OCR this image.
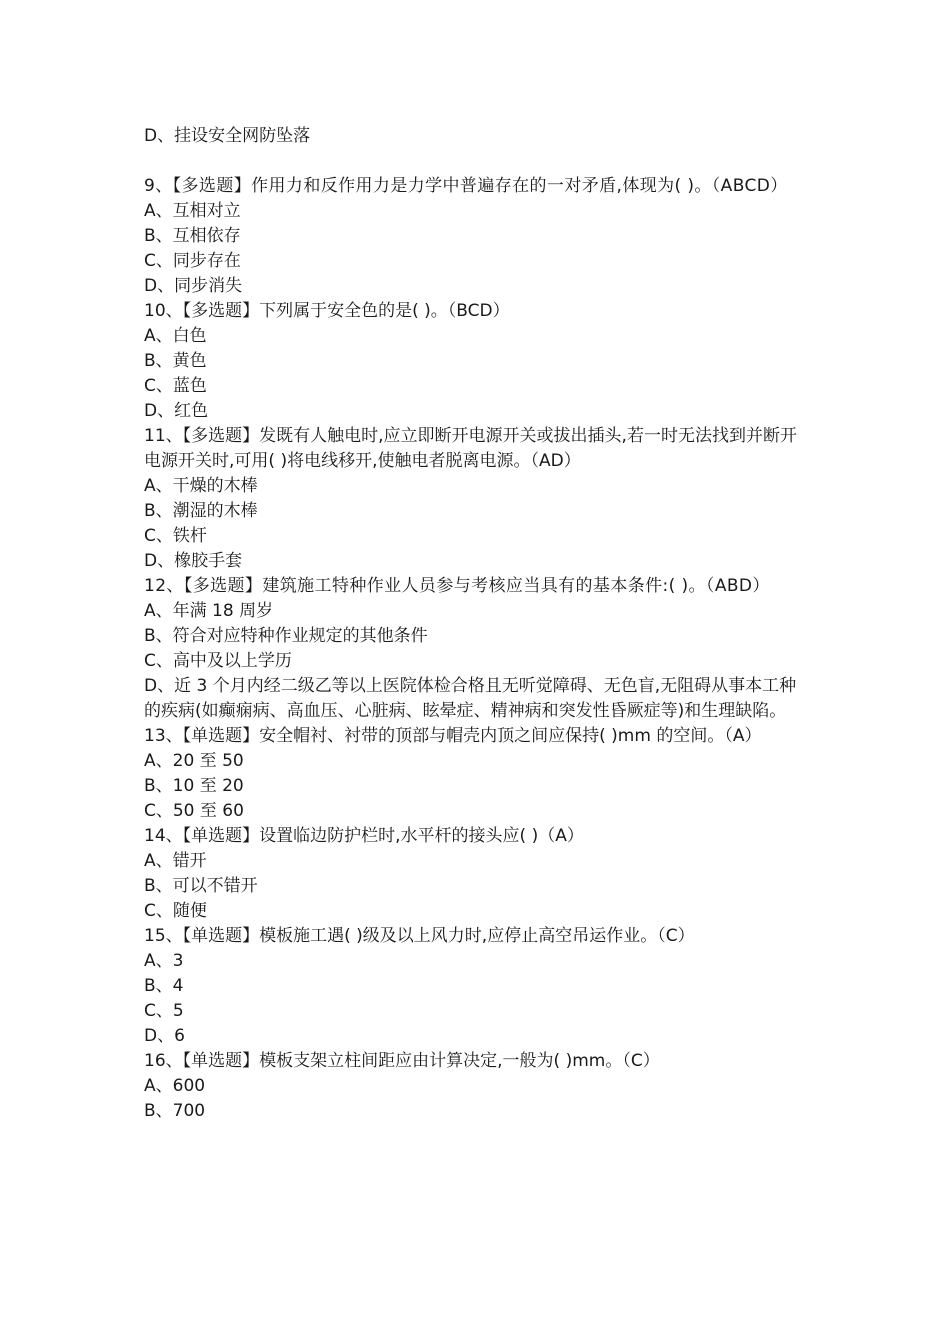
D、挂设安全网防坠落

9、【多选题】作用力和反作用力是力学中普遍存在的一对矛盾,体现为( )。（ABCD）

A、互相对立

B、互相依存

C、同步存在

D、同步消失

10、【多选题】下列属于安全色的是( )。（BCD）

A、白色

B、黄色

C、蓝色

D、红色

11、【多选题】发既有人触电时,应立即断开电源开关或拔出插头,若一时无法找到并断开电源开关时,可用( )将电线移开,使触电者脱离电源。（AD）

A、干燥的木棒

B、潮湿的木棒

C、铁杆

D、橡胶手套

12、【多选题】建筑施工特种作业人员参与考核应当具有的基本条件:( )。（ABD）

A、年满 18 周岁

B、符合对应特种作业规定的其他条件

C、高中及以上学历

D、近 3 个月内经二级乙等以上医院体检合格且无听觉障碍、无色盲,无阻碍从事本工种的疾病(如癫痫病、高血压、心脏病、眩晕症、精神病和突发性昏厥症等)和生理缺陷。

13、【单选题】安全帽衬、衬带的顶部与帽壳内顶之间应保持( )mm 的空间。（A）

A、20 至 50

B、10 至 20

C、50 至 60

14、【单选题】设置临边防护栏时,水平杆的接头应( )（A）

A、错开

B、可以不错开

C、随便

15、【单选题】模板施工遇( )级及以上风力时,应停止高空吊运作业。（C）

A、3

B、4

C、5

D、6

16、【单选题】模板支架立柱间距应由计算决定,一般为( )mm。（C）

A、600

B、700
